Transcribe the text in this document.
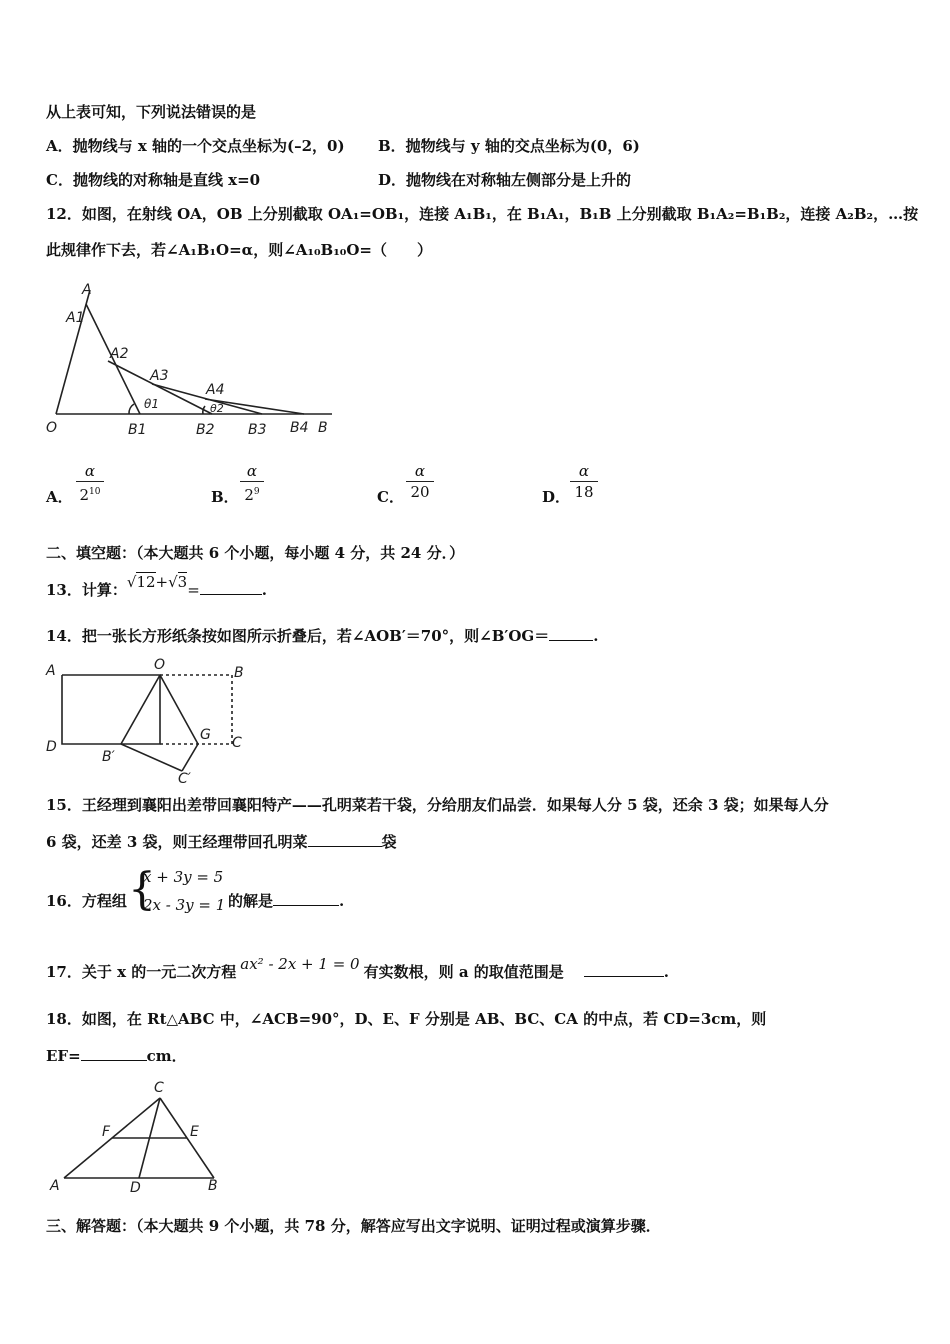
从上表可知，下列说法错误的是
A．抛物线与 x 轴的一个交点坐标为(–2，0) B．抛物线与 y 轴的交点坐标为(0，6)
C．抛物线的对称轴是直线 x=0	D．抛物线在对称轴左侧部分是上升的
12．如图，在射线 OA，OB 上分别截取 OA₁=OB₁，连接 A₁B₁，在 B₁A₁，B₁B 上分别截取 B₁A₂=B₁B₂，连接 A₂B₂，…按
此规律作下去，若∠A₁B₁O=α，则∠A₁₀B₁₀O=（　　）
A
A1
A2
A3
A4
O	B1	B2 B3 B4 B
θ1	θ2
A．
α
$2^{10}$	B．
α
$2^9$	C．
α
20	D．
α
18
二、填空题：（本大题共 6 个小题，每小题 4 分，共 24 分．）
13．计算：√12+√3=	.
14．把一张长方形纸条按如图所示折叠后，若∠AOB′＝70°，则∠B′OG＝	.
A	O	B
D
B′
G C
C′
15．王经理到襄阳出差带回襄阳特产——孔明菜若干袋，分给朋友们品尝．如果每人分 5 袋，还余 3 袋；如果每人分
6 袋，还差 3 袋，则王经理带回孔明菜	袋
16．方程组 {
x + 3y = 5
2x - 3y = 1 的解是	.
17．关于 x 的一元二次方程 ax² - 2x + 1 = 0 有实数根，则 a 的取值范围是	.
18．如图，在 Rt△ABC 中，∠ACB=90°，D、E、F 分别是 AB、BC、CA 的中点，若 CD=3cm，则
EF=	cm．
C
F	E
A	D	B
三、解答题：（本大题共 9 个小题，共 78 分，解答应写出文字说明、证明过程或演算步骤．
